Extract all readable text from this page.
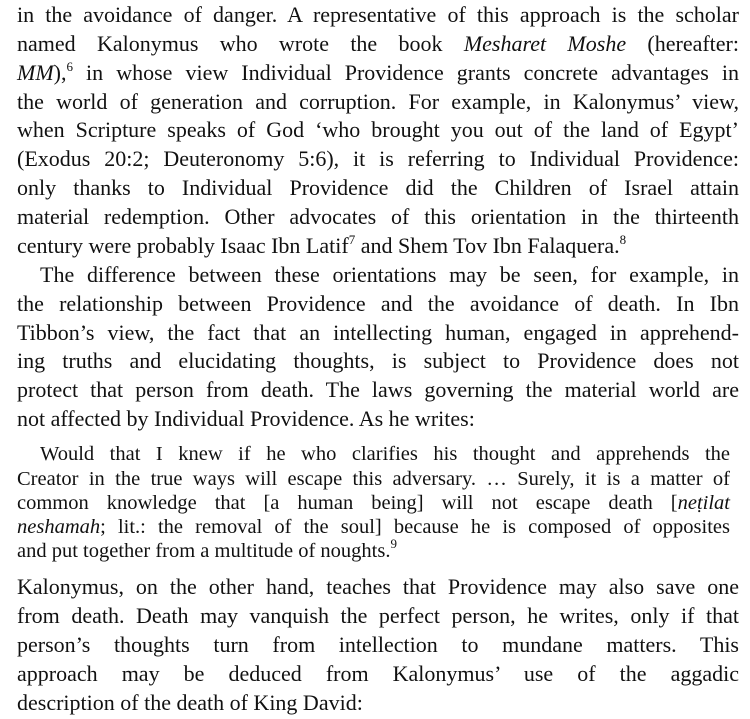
in the avoidance of danger. A representative of this approach is the scholar
named Kalonymus who wrote the book Mesharet Moshe (hereafter:
MM),$^6$ in whose view Individual Providence grants concrete advantages in
the world of generation and corruption. For example, in Kalonymus’ view,
when Scripture speaks of God ‘who brought you out of the land of Egypt’
(Exodus 20:2; Deuteronomy 5:6), it is referring to Individual Providence:
only thanks to Individual Providence did the Children of Israel attain
material redemption. Other advocates of this orientation in the thirteenth
century were probably Isaac Ibn Latif$^7$ and Shem Tov Ibn Falaquera.$^8$
The difference between these orientations may be seen, for example, in
the relationship between Providence and the avoidance of death. In Ibn
Tibbon’s view, the fact that an intellecting human, engaged in apprehend-
ing truths and elucidating thoughts, is subject to Providence does not
protect that person from death. The laws governing the material world are
not affected by Individual Providence. As he writes:
Would that I knew if he who clarifies his thought and apprehends the
Creator in the true ways will escape this adversary. … Surely, it is a matter of
common knowledge that [a human being] will not escape death [neṭilat
neshamah; lit.: the removal of the soul] because he is composed of opposites
and put together from a multitude of noughts.$^9$
Kalonymus, on the other hand, teaches that Providence may also save one
from death. Death may vanquish the perfect person, he writes, only if that
person’s thoughts turn from intellection to mundane matters. This
approach may be deduced from Kalonymus’ use of the aggadic
description of the death of King David:
